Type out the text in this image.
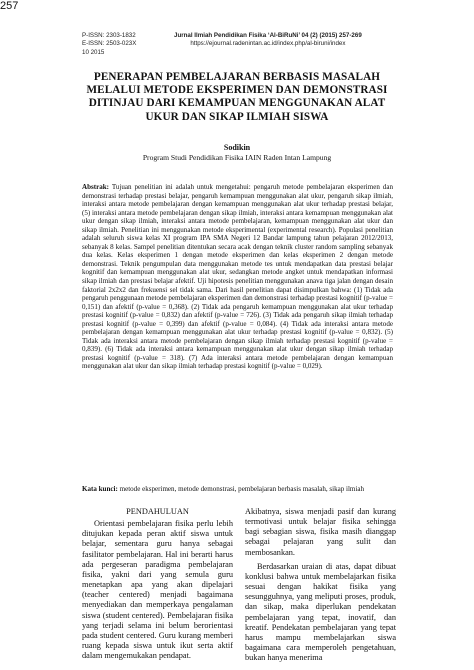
P-ISSN: 2303-1832
E-ISSN: 2503-023X
10 2015
Jurnal Ilmiah Pendidikan Fisika ‘Al-BiRuNi’ 04 (2) (2015) 257-269
https://ejournal.radenintan.ac.id/index.php/al-biruni/index
257
PENERAPAN PEMBELAJARAN BERBASIS MASALAH MELALUI METODE EKSPERIMEN DAN DEMONSTRASI DITINJAU DARI KEMAMPUAN MENGGUNAKAN ALAT UKUR DAN SIKAP ILMIAH SISWA
Sodikin
Program Studi Pendidikan Fisika IAIN Raden Intan Lampung
Abstrak: Tujuan penelitian ini adalah untuk mengetahui: pengaruh metode pembelajaran eksperimen dan demonstrasi terhadap prestasi belajar, pengaruh kemampuan menggunakan alat ukur, pengaruh sikap ilmiah, interaksi antara metode pembelajaran dengan kemampuan menggunakan alat ukur terhadap prestasi belajar, (5) interaksi antara metode pembelajaran dengan sikap ilmiah, interaksi antara kemampuan menggunakan alat ukur dengan sikap ilmiah, interaksi antara metode pembelajaran, kemampuan menggunakan alat ukur dan sikap ilmiah. Penelitian ini menggunakan metode eksperimental (experimental research). Populasi penelitian adalah seluruh siswa kelas XI program IPA SMA Negeri 12 Bandar lampung tahun pelajaran 2012/2013, sebanyak 8 kelas. Sampel penelitian ditentukan secara acak dengan teknik cluster random sampling sebanyak dua kelas. Kelas eksperimen 1 dengan metode eksperimen dan kelas eksperimen 2 dengan metode demonstrasi. Teknik pengumpulan data menggunakan metode tes untuk mendapatkan data prestasi belajar kognitif dan kemampuan menggunakan alat ukur, sedangkan metode angket untuk mendapatkan informasi sikap ilmiah dan prestasi belajar afektif. Uji hipotesis penelitian menggunakan anava tiga jalan dengan desain faktorial 2x2x2 dan frekuensi sel tidak sama. Dari hasil penelitian dapat disimpulkan bahwa: (1) Tidak ada pengaruh penggunaan metode pembelajaran eksperimen dan demonstrasi terhadap prestasi kognitif (p-value = 0,151) dan afektif (p-value = 0,368). (2) Tidak ada pengaruh kemampuan menggunakan alat ukur terhadap prestasi kognitif (p-value = 0,832) dan afektif (p-value = 726). (3) Tidak ada pengaruh sikap ilmiah terhadap prestasi kognitif (p-value = 0,399) dan afektif (p-value = 0,084). (4) Tidak ada interaksi antara metode pembelajaran dengan kemampuan menggunakan alat ukur terhadap prestasi kognitif (p-value = 0,832). (5) Tidak ada interaksi antara metode pembelajaran dengan sikap ilmiah terhadap prestasi kognitif (p-value = 0,839). (6) Tidak ada interaksi antara kemampuan menggunakan alat ukur dengan sikap ilmiah terhadap prestasi kognitif (p-value = 318). (7) Ada interaksi antara metode pembelajaran dengan kemampuan menggunakan alat ukur dan sikap ilmiah terhadap prestasi kognitif (p-value = 0,029).
Kata kunci: metode eksperimen, metode demonstrasi, pembelajaran berbasis masalah, sikap ilmiah
PENDAHULUAN

Orientasi pembelajaran fisika perlu lebih ditujukan kepada peran aktif siswa untuk belajar, sementara guru hanya sebagai fasilitator pembelajaran. Hal ini berarti harus ada pergeseran paradigma pembelajaran fisika, yakni dari yang semula guru menetapkan apa yang akan dipelajari (teacher centered) menjadi bagaimana menyediakan dan memperkaya pengalaman siswa (student centered). Pembelajaran fisika yang terjadi selama ini belum berorientasi pada student centered. Guru kurang memberi ruang kepada siswa untuk ikut serta aktif dalam mengemukakan pendapat.

Akibatnya, siswa menjadi pasif dan kurang termotivasi untuk belajar fisika sehingga bagi sebagian siswa, fisika masih dianggap sebagai pelajaran yang sulit dan membosankan.

Berdasarkan uraian di atas, dapat dibuat konklusi bahwa untuk membelajarkan fisika sesuai dengan hakikat fisika yang sesungguhnya, yang meliputi proses, produk, dan sikap, maka diperlukan pendekatan pembelajaran yang tepat, inovatif, dan kreatif. Pendekatan pembelajaran yang tepat harus mampu membelajarkan siswa bagaimana cara memperoleh pengetahuan, bukan hanya menerima
